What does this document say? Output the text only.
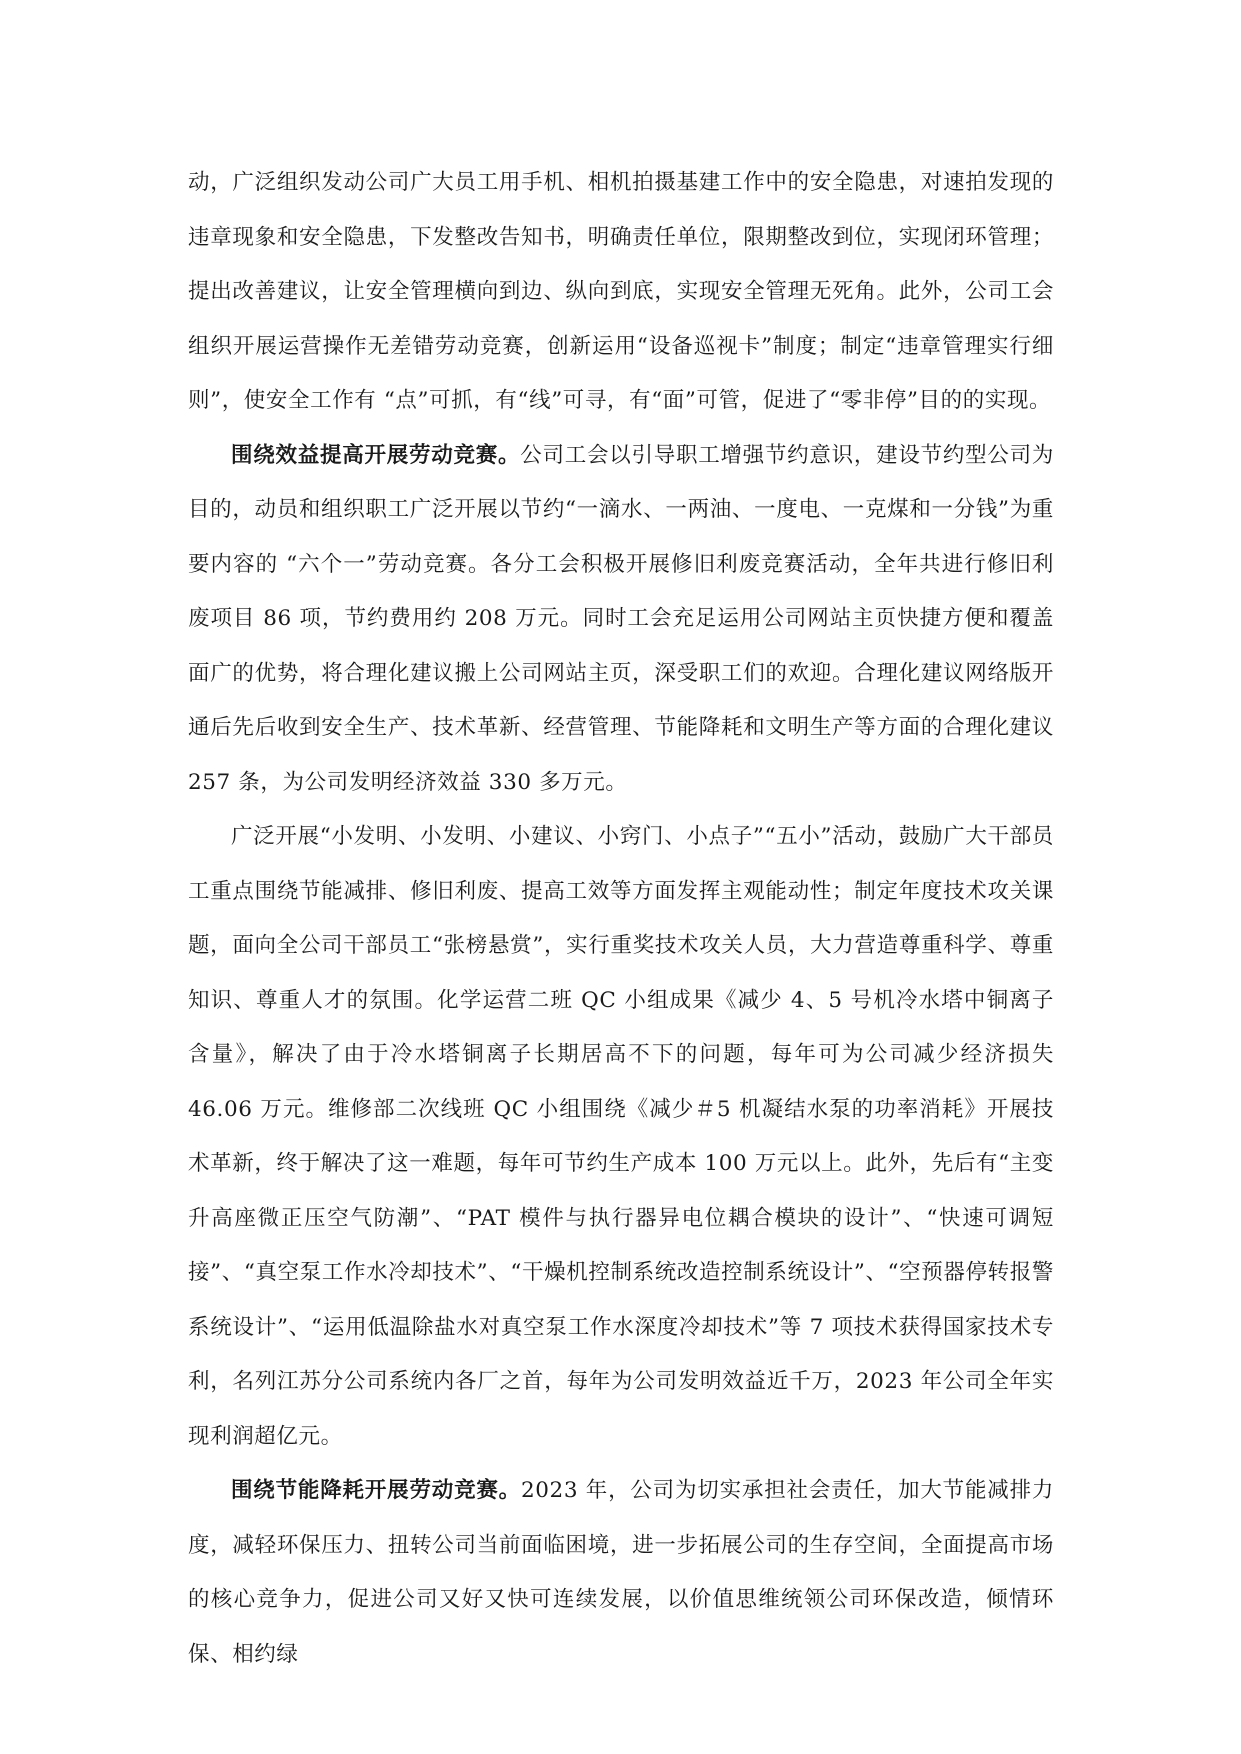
动，广泛组织发动公司广大员工用手机、相机拍摄基建工作中的安全隐患，对速拍发现的违章现象和安全隐患，下发整改告知书，明确责任单位，限期整改到位，实现闭环管理；提出改善建议，让安全管理横向到边、纵向到底，实现安全管理无死角。此外，公司工会组织开展运营操作无差错劳动竞赛，创新运用“设备巡视卡”制度；制定“违章管理实行细则”，使安全工作有 “点”可抓，有“线”可寻，有“面”可管，促进了“零非停”目的的实现。

围绕效益提高开展劳动竞赛。公司工会以引导职工增强节约意识，建设节约型公司为目的，动员和组织职工广泛开展以节约“一滴水、一两油、一度电、一克煤和一分钱”为重要内容的 “六个一”劳动竞赛。各分工会积极开展修旧利废竞赛活动，全年共进行修旧利废项目 86 项，节约费用约 208 万元。同时工会充足运用公司网站主页快捷方便和覆盖面广的优势，将合理化建议搬上公司网站主页，深受职工们的欢迎。合理化建议网络版开通后先后收到安全生产、技术革新、经营管理、节能降耗和文明生产等方面的合理化建议 257 条，为公司发明经济效益 330 多万元。

广泛开展“小发明、小发明、小建议、小窍门、小点子”“五小”活动，鼓励广大干部员工重点围绕节能减排、修旧利废、提高工效等方面发挥主观能动性；制定年度技术攻关课题，面向全公司干部员工“张榜悬赏”，实行重奖技术攻关人员，大力营造尊重科学、尊重知识、尊重人才的氛围。化学运营二班 QC 小组成果《减少 4、5 号机冷水塔中铜离子含量》，解决了由于冷水塔铜离子长期居高不下的问题，每年可为公司减少经济损失 46.06 万元。维修部二次线班 QC 小组围绕《减少＃5 机凝结水泵的功率消耗》开展技术革新，终于解决了这一难题，每年可节约生产成本 100 万元以上。此外，先后有“主变升高座微正压空气防潮”、“PAT 模件与执行器异电位耦合模块的设计”、“快速可调短接”、“真空泵工作水冷却技术”、“干燥机控制系统改造控制系统设计”、“空预器停转报警系统设计”、“运用低温除盐水对真空泵工作水深度冷却技术”等 7 项技术获得国家技术专利，名列江苏分公司系统内各厂之首，每年为公司发明效益近千万，2023 年公司全年实现利润超亿元。

围绕节能降耗开展劳动竞赛。2023 年，公司为切实承担社会责任，加大节能减排力度，减轻环保压力、扭转公司当前面临困境，进一步拓展公司的生存空间，全面提高市场的核心竞争力，促进公司又好又快可连续发展，以价值思维统领公司环保改造，倾情环保、相约绿
